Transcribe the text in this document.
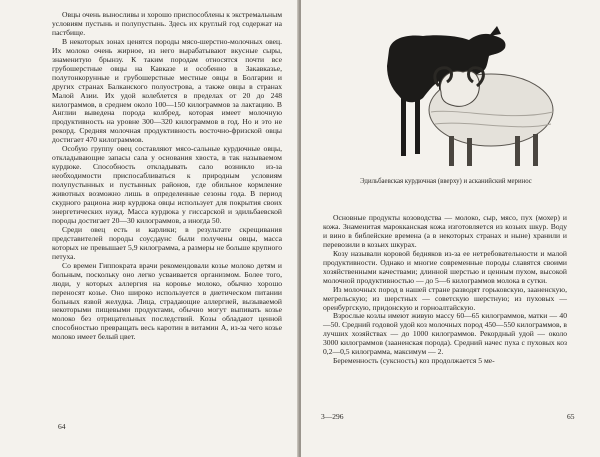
Овцы очень выносливы и хорошо приспособлены к экстремальным условиям пустынь и полупустынь. Здесь их круглый год содержат на пастбище.

В некоторых зонах ценятся породы мясо-шерстно-молочных овец. Их молоко очень жирное, из него вырабатывают вкусные сыры, знаменитую брынзу. К таким породам относятся почти все грубошерстные овцы на Кавказе и особенно в Закавказье, полутонкорунные и грубошерстные местные овцы в Болгарии и других странах Балканского полуострова, а также овцы в странах Малой Азии. Их удой колеблется в пределах от 20 до 248 килограммов, в среднем около 100—150 килограммов за лактацию. В Англии выведена порода колбред, которая имеет молочную продуктивность на уровне 300—320 килограммов в год. Но и это не рекорд. Средняя молочная продуктивность восточно-фризской овцы достигает 470 килограммов.

Особую группу овец составляют мясо-сальные курдючные овцы, откладывающие запасы сала у основания хвоста, в так называемом курдюке. Способность откладывать сало возникло из-за необходимости приспосабливаться к природным условиям полупустынных и пустынных районов, где обильное кормление животных возможно лишь в определенные сезоны года. В период скудного рациона жир курдюка овцы использует для покрытия своих энергетических нужд. Масса курдюка у гиссарской и эдильбаевской породы достигает 20—30 килограммов, а иногда 50.

Среди овец есть и карлики; в результате скрещивания представителей породы соусдаунс были получены овцы, масса которых не превышает 5,9 килограмма, а размеры не больше крупного петуха.

Со времен Гиппократа врачи рекомендовали козье молоко детям и больным, поскольку оно легко усваивается организмом. Более того, люди, у которых аллергия на коровье молоко, обычно хорошо переносят козье. Оно широко используется в диетическом питании больных язвой желудка. Лица, страдающие аллергией, вызываемой некоторыми пищевыми продуктами, обычно могут выпивать козье молоко без отрицательных последствий. Козы обладают ценной способностью превращать весь каротин в витамин А, из-за чего козье молоко имеет белый цвет.

64
Эдильбаевская курдючная (вверху) и асканийский меринос

Основные продукты козоводства — молоко, сыр, мясо, пух (мохер) и кожа. Знаменитая марокканская кожа изготовляется из козьих шкур. Воду и вино в библейские времена (а в некоторых странах и ныне) хранили и перевозили в козьих шкурах.

Козу называли коровой бедняков из-за ее нетребовательности и малой продуктивности. Однако и многие современные породы славятся своими хозяйственными качествами; длинной шерстью и ценным пухом, высокой молочной продуктивностью — до 5—6 килограммов молока в сутки.

Из молочных пород в нашей стране разводят горьковскую, зааненскую, мегрельскую; из шерстных — советскую шерстную; из пуховых — оренбургскую, придонскую и горноалтайскую.

Взрослые козлы имеют живую массу 60—65 килограммов, матки — 40—50. Средний годовой удой коз молочных пород 450—550 килограммов, в лучших хозяйствах — до 1000 килограммов. Рекордный удой — около 3000 килограммов (зааненская порода). Средний начес пуха с пуховых коз 0,2—0,5 килограмма, максимум — 2.

Беременность (суксность) коз продолжается 5 ме-

3—296	65
